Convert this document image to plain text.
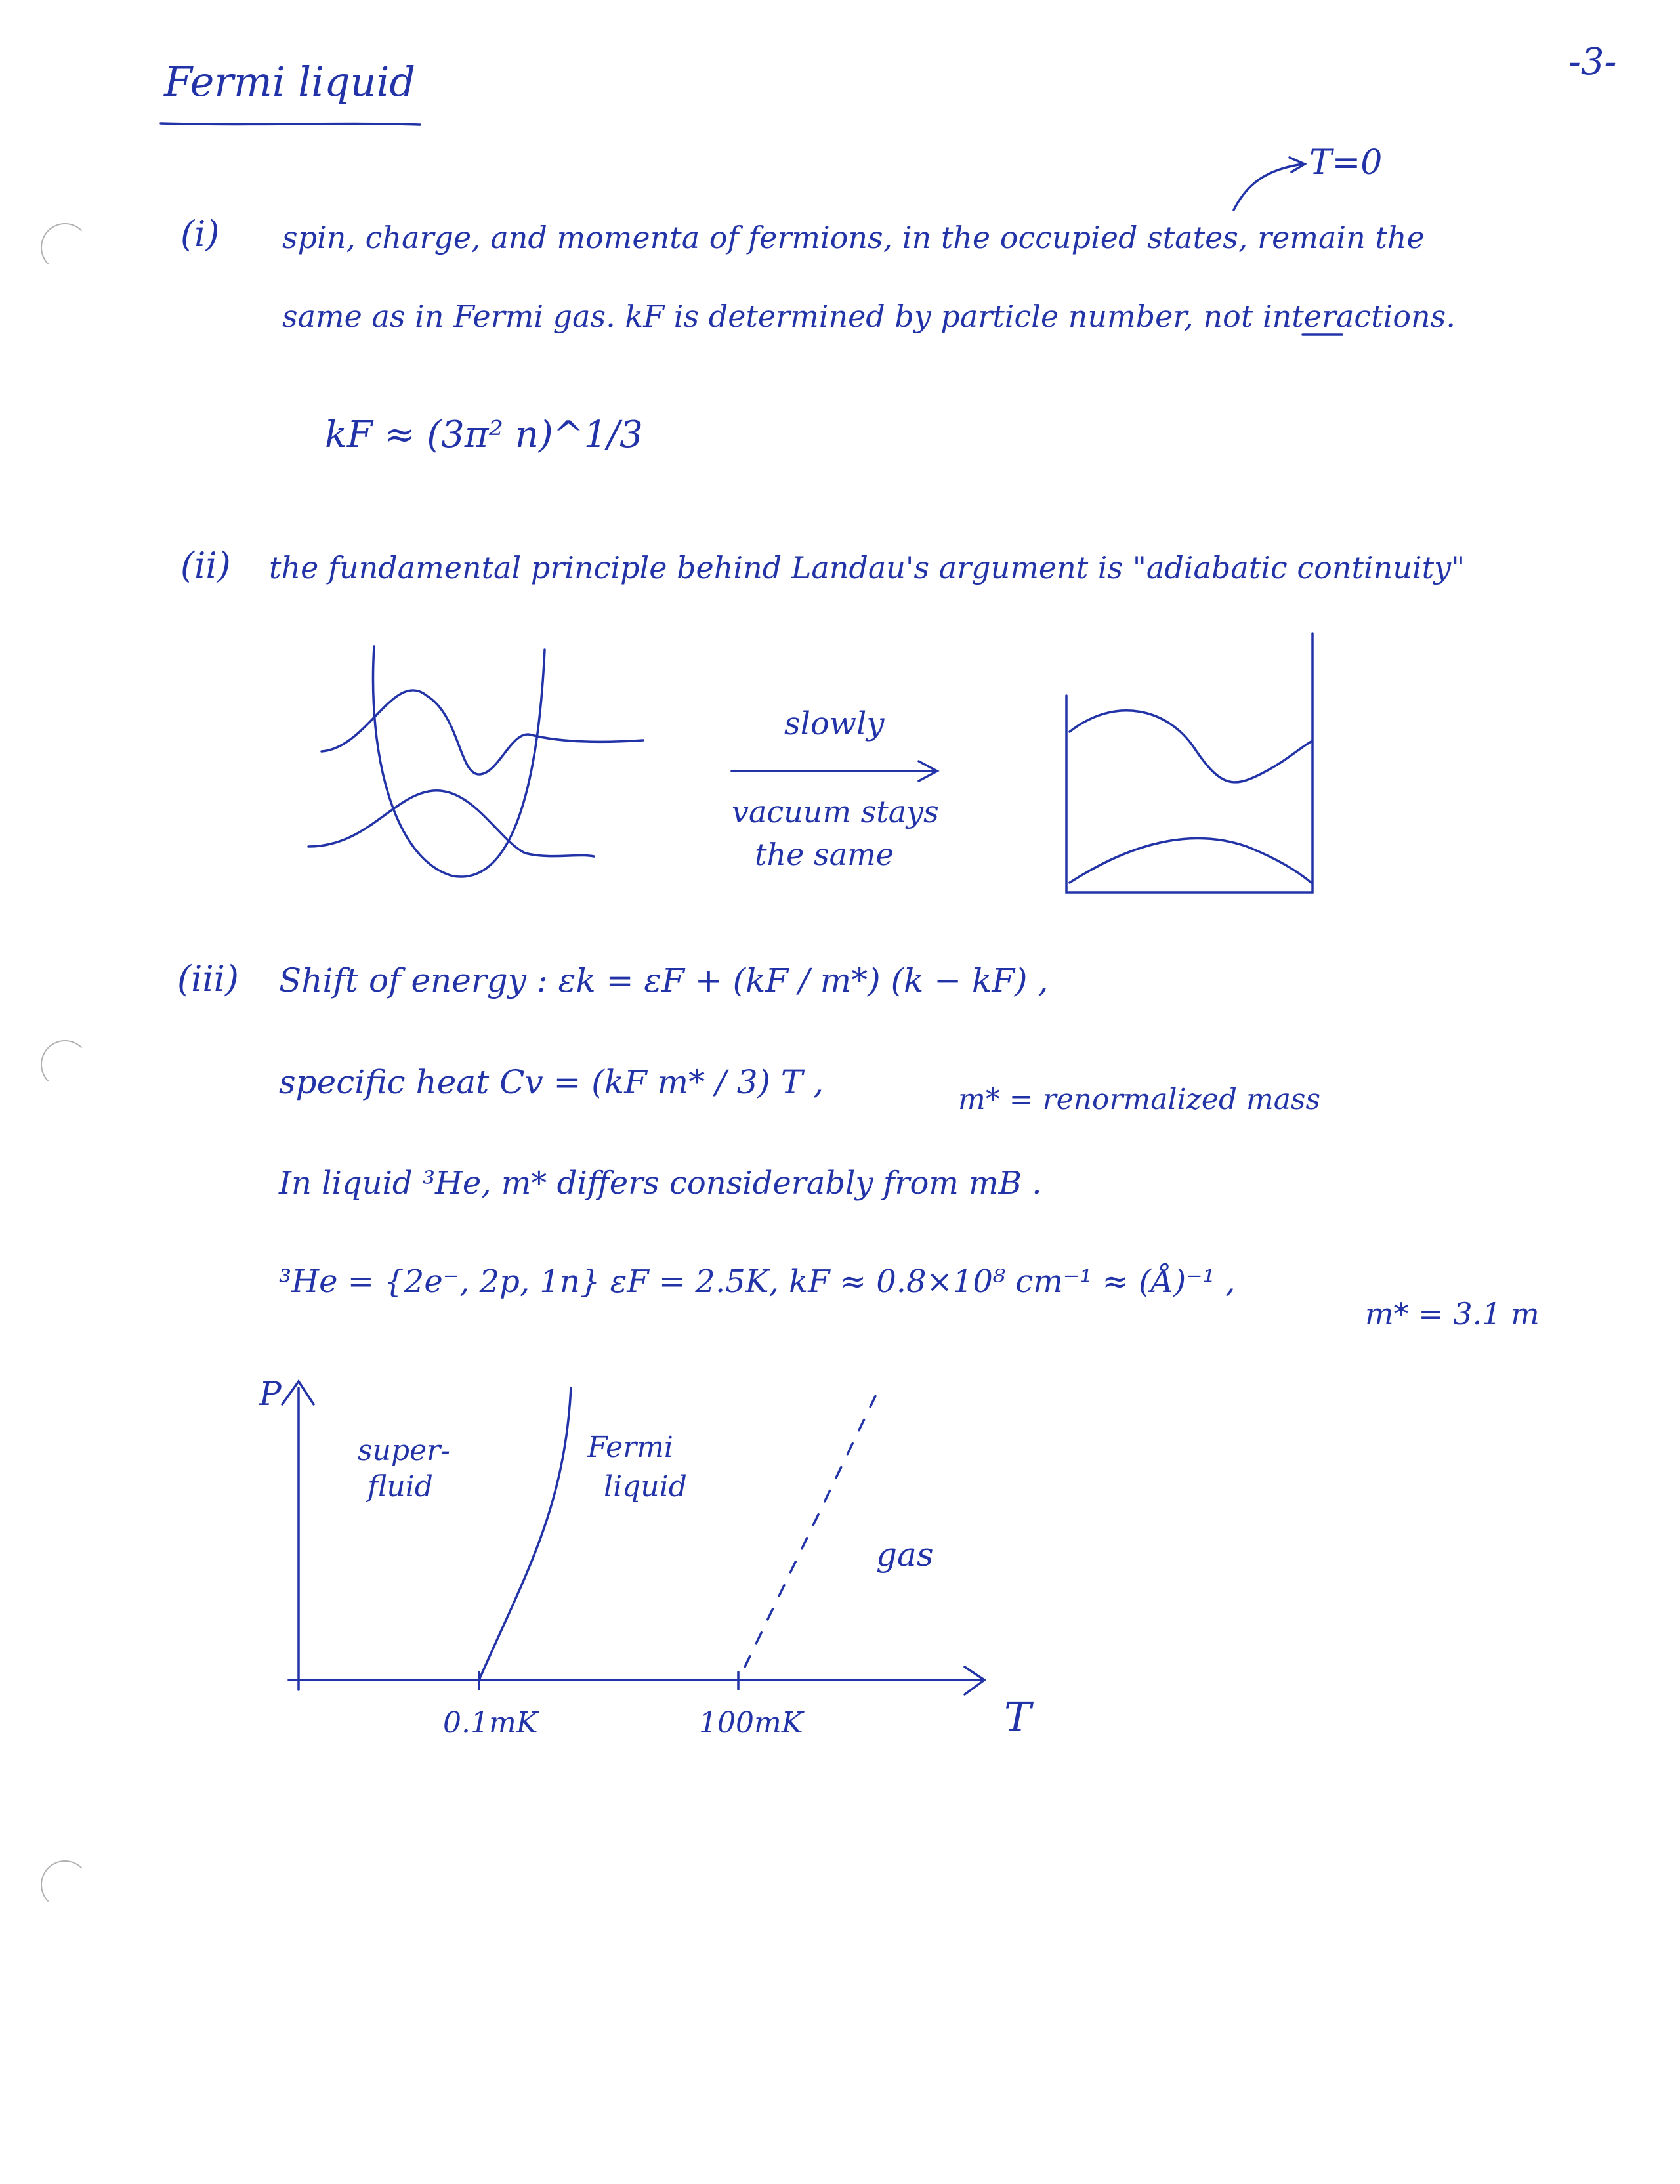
-3-
Fermi liquid
T=0
(i) spin, charge, and momenta of fermions, in the occupied states, remain the
same as in Fermi gas. kF is determined by particle number, not interactions.
kF ≈ (3π² n)^1/3
(ii) the fundamental principle behind Landau's argument is "adiabatic continuity"
slowly
vacuum stays
the same
(iii) Shift of energy : εk = εF + (kF / m*) (k − kF) ,
specific heat Cv = (kF m* / 3) T ,	m* = renormalized mass
In liquid ³He, m* differs considerably from mB .
³He = {2e⁻, 2p, 1n} εF = 2.5K, kF ≈ 0.8×10⁸ cm⁻¹ ≈ (Å)⁻¹ ,
m* = 3.1 m
P
T
super-
fluid
Fermi
liquid
gas
0.1mK	100mK
